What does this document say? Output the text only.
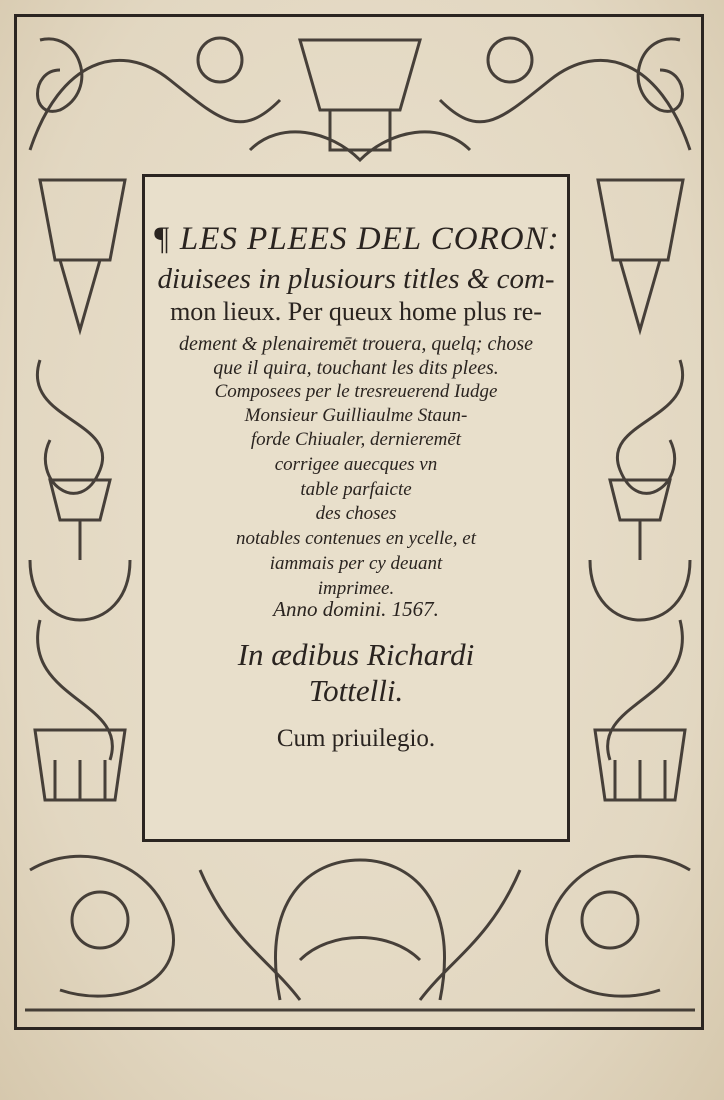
¶ LES PLEES DEL CORON:
diuisees in plusiours titles & com-
mon lieux. Per queux home plus re-
dement & plenairemēt trouera, quelq; chose
que il quira, touchant les dits plees.
Composees per le tresreuerend Iudge
Monsieur Guilliaulme Staun-
forde Chiualer, dernieremēt
corrigee auecques vn
table parfaicte
des choses
notables contenues en ycelle, et
iammais per cy deuant
imprimee.
Anno domini. 1567.
In ædibus Richardi
Tottelli.
Cum priuilegio.
